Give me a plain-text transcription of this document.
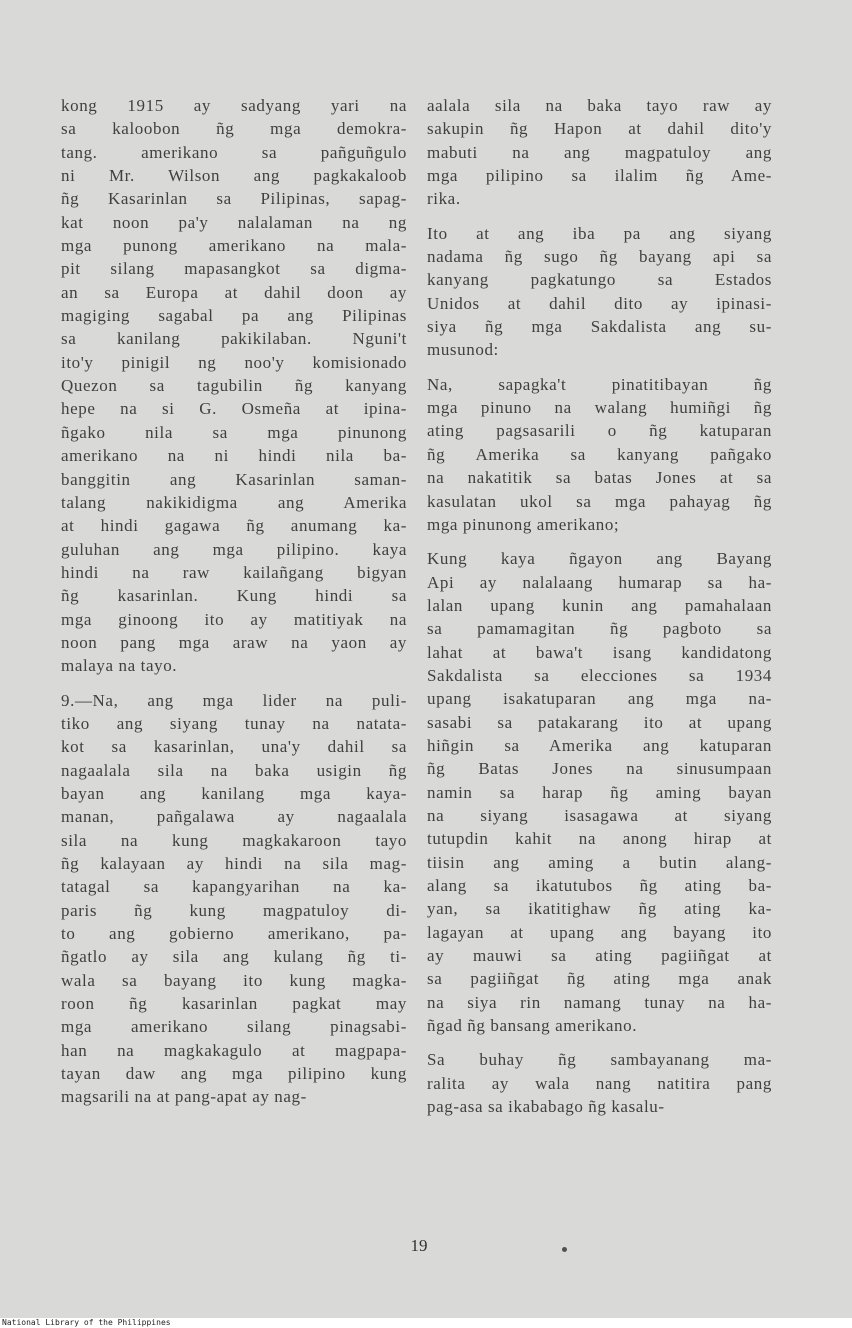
kong 1915 ay sadyang yari na
sa kaloobon ñg mga demokra-
tang. amerikano sa pañguñgulo
ni Mr. Wilson ang pagkakaloob
ñg Kasarinlan sa Pilipinas, sapag-
kat noon pa'y nalalaman na ng
mga punong amerikano na mala-
pit silang mapasangkot sa digma-
an sa Europa at dahil doon ay
magiging sagabal pa ang Pilipinas
sa kanilang pakikilaban. Nguni't
ito'y pinigil ng noo'y komisionado
Quezon sa tagubilin ñg kanyang
hepe na si G. Osmeña at ipina-
ñgako nila sa mga pinunong
amerikano na ni hindi nila ba-
banggitin ang Kasarinlan saman-
talang nakikidigma ang Amerika
at hindi gagawa ñg anumang ka-
guluhan ang mga pilipino. kaya
hindi na raw kailañgang bigyan
ñg kasarinlan. Kung hindi sa
mga ginoong ito ay matitiyak na
noon pang mga araw na yaon ay
malaya na tayo.
9.—Na, ang mga lider na puli-
tiko ang siyang tunay na natata-
kot sa kasarinlan, una'y dahil sa
nagaalala sila na baka usigin ñg
bayan ang kanilang mga kaya-
manan, pañgalawa ay nagaalala
sila na kung magkakaroon tayo
ñg kalayaan ay hindi na sila mag-
tatagal sa kapangyarihan na ka-
paris ñg kung magpatuloy di-
to ang gobierno amerikano, pa-
ñgatlo ay sila ang kulang ñg ti-
wala sa bayang ito kung magka-
roon ñg kasarinlan pagkat may
mga amerikano silang pinagsabi-
han na magkakagulo at magpapa-
tayan daw ang mga pilipino kung
magsarili na at pang-apat ay nag-
aalala sila na baka tayo raw ay
sakupin ñg Hapon at dahil dito'y
mabuti na ang magpatuloy ang
mga pilipino sa ilalim ñg Ame-
rika.
Ito at ang iba pa ang siyang
nadama ñg sugo ñg bayang api sa
kanyang pagkatungo sa Estados
Unidos at dahil dito ay ipinasi-
siya ñg mga Sakdalista ang su-
musunod:
Na, sapagka't pinatitibayan ñg
mga pinuno na walang humiñgi ñg
ating pagsasarili o ñg katuparan
ñg Amerika sa kanyang pañgako
na nakatitik sa batas Jones at sa
kasulatan ukol sa mga pahayag ñg
mga pinunong amerikano;
Kung kaya ñgayon ang Bayang
Api ay nalalaang humarap sa ha-
lalan upang kunin ang pamahalaan
sa pamamagitan ñg pagboto sa
lahat at bawa't isang kandidatong
Sakdalista sa elecciones sa 1934
upang isakatuparan ang mga na-
sasabi sa patakarang ito at upang
hiñgin sa Amerika ang katuparan
ñg Batas Jones na sinusumpaan
namin sa harap ñg aming bayan
na siyang isasagawa at siyang
tutupdin kahit na anong hirap at
tiisin ang aming a butin alang-
alang sa ikatutubos ñg ating ba-
yan, sa ikatitighaw ñg ating ka-
lagayan at upang ang bayang ito
ay mauwi sa ating pagiiñgat at
sa pagiiñgat ñg ating mga anak
na siya rin namang tunay na ha-
ñgad ñg bansang amerikano.
Sa buhay ñg sambayanang ma-
ralita ay wala nang natitira pang
pag-asa sa ikababago ñg kasalu-
19
National Library of the Philippines
